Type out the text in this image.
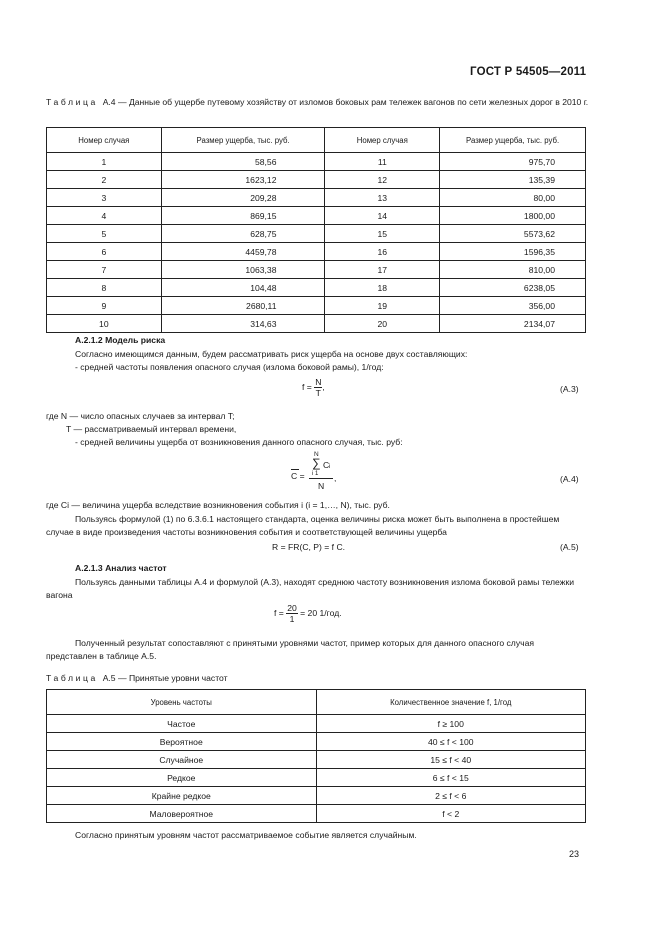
ГОСТ Р 54505—2011
Таблица А.4 — Данные об ущербе путевому хозяйству от изломов боковых рам тележек вагонов по сети железных дорог в 2010 г.
Номер случая	Размер ущерба, тыс. руб.	Номер случая	Размер ущерба, тыс. руб.
1	58,56	11	975,70
2	1623,12	12	135,39
3	209,28	13	80,00
4	869,15	14	1800,00
5	628,75	15	5573,62
6	4459,78	16	1596,35
7	1063,38	17	810,00
8	104,48	18	6238,05
9	2680,11	19	356,00
10	314,63	20	2134,07
А.2.1.2 Модель риска
Согласно имеющимся данным, будем рассматривать риск ущерба на основе двух составляющих:
- средней частоты появления опасного случая (излома боковой рамы), 1/год:
$f = \frac{N}{T}$ ,	(А.3)
где N — число опасных случаев за интервал T;
T — рассматриваемый интервал времени,
- средней величины ущерба от возникновения данного опасного случая, тыс. руб:
C =
N
∑ C i
i 1
N
,	(А.4)
где Ci — величина ущерба вследствие возникновения события i (i = 1,…, N), тыс. руб.
Пользуясь формулой (1) по 6.3.6.1 настоящего стандарта, оценка величины риска может быть выполнена в простейшем случае в виде произведения частоты возникновения события и соответствующей величины ущерба
R = FR(C, P) = f C.	(А.5)
А.2.1.3 Анализ частот
Пользуясь данными таблицы А.4 и формулой (А.3), находят среднюю частоту возникновения излома боковой рамы тележки вагона
$f = \frac{20}{1} = 20$ 1/год.
Полученный результат сопоставляют с принятыми уровнями частот, пример которых для данного опасного случая представлен в таблице А.5.
Таблица А.5 — Принятые уровни частот
Уровень частоты	Количественное значение f, 1/год
Частое	f ≥ 100
Вероятное	40 ≤ f < 100
Случайное	15 ≤ f < 40
Редкое	6 ≤ f < 15
Крайне редкое	2 ≤ f < 6
Маловероятное	f < 2
Согласно принятым уровням частот рассматриваемое событие является случайным.
23
